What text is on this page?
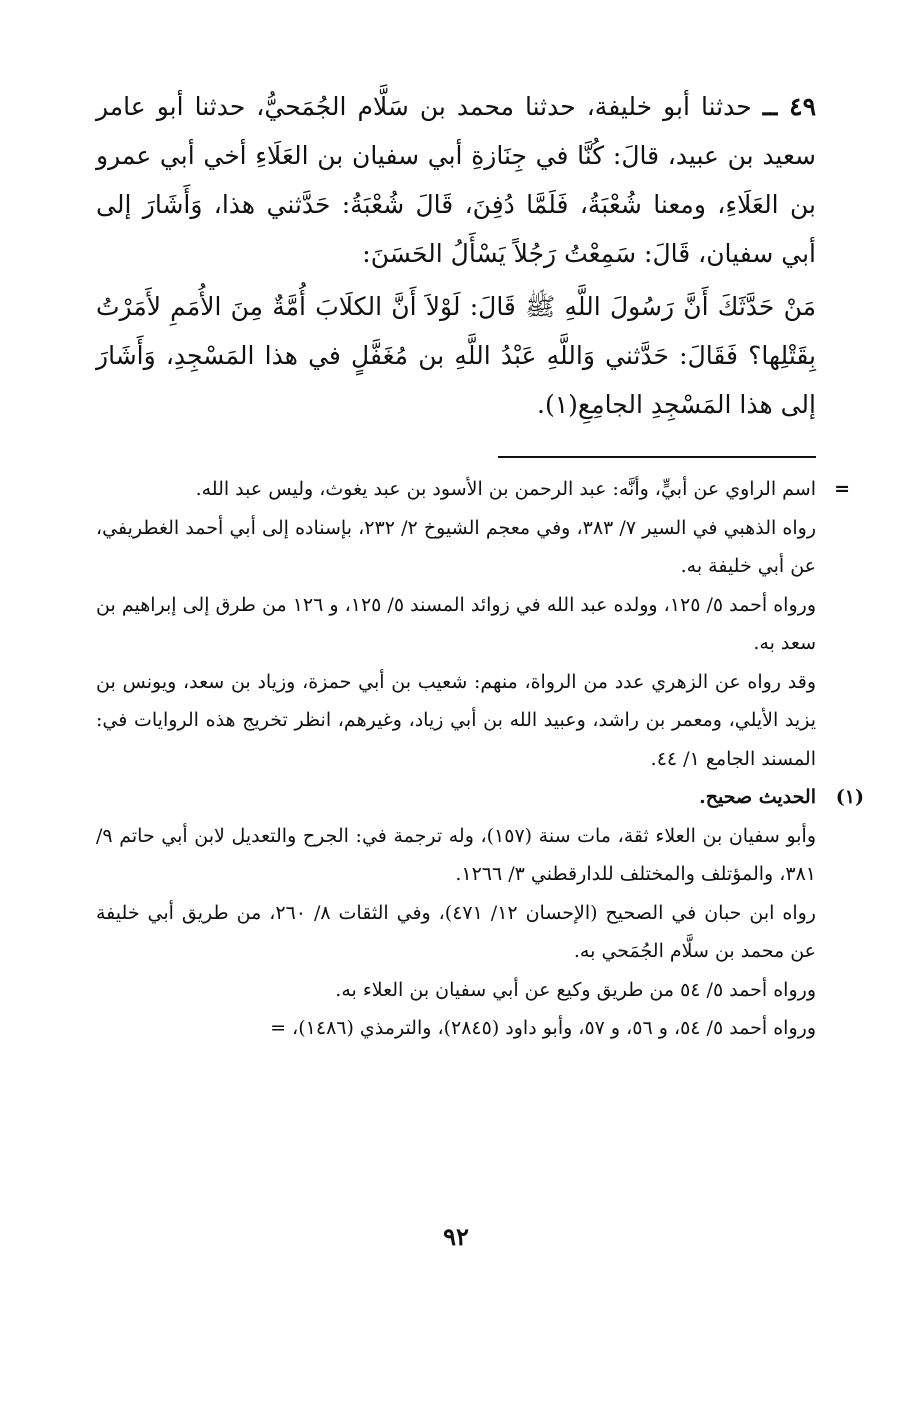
٤٩ ــ حدثنا أبو خليفة، حدثنا محمد بن سَلَّام الجُمَحيُّ، حدثنا أبو عامر سعيد بن عبيد، قالَ: كُنَّا في جِنَازةِ أبي سفيان بن العَلَاءِ أخي أبي عمرو بن العَلَاءِ، ومعنا شُعْبَةُ، فَلَمَّا دُفِنَ، قَالَ شُعْبَةُ: حَدَّثني هذا، وَأَشَارَ إلى أبي سفيان، قَالَ: سَمِعْتُ رَجُلاً يَسْأَلُ الحَسَنَ:

مَنْ حَدَّثَكَ أَنَّ رَسُولَ اللَّهِ ﷺ قَالَ: لَوْلاَ أَنَّ الكلَابَ أُمَّةٌ مِنَ الأُمَمِ لأَمَرْتُ بِقَتْلِها؟ فَقَالَ: حَدَّثني وَاللَّهِ عَبْدُ اللَّهِ بن مُغَفَّلٍ في هذا المَسْجِدِ، وَأَشَارَ إلى هذا المَسْجِدِ الجامِعِ(١).

=
اسم الراوي عن أبيٍّ، وأنَّه: عبد الرحمن بن الأسود بن عبد يغوث، وليس عبد الله.

رواه الذهبي في السير ٧/ ٣٨٣، وفي معجم الشيوخ ٢/ ٢٣٢، بإسناده إلى أبي أحمد الغطريفي، عن أبي خليفة به.

ورواه أحمد ٥/ ١٢٥، وولده عبد الله في زوائد المسند ٥/ ١٢٥، و ١٢٦ من طرق إلى إبراهيم بن سعد به.

وقد رواه عن الزهري عدد من الرواة، منهم: شعيب بن أبي حمزة، وزياد بن سعد، ويونس بن يزيد الأيلي، ومعمر بن راشد، وعبيد الله بن أبي زياد، وغيرهم، انظر تخريج هذه الروايات في: المسند الجامع ١/ ٤٤.

(١)
الحديث صحيح.

وأبو سفيان بن العلاء ثقة، مات سنة (١٥٧)، وله ترجمة في: الجرح والتعديل لابن أبي حاتم ٩/ ٣٨١، والمؤتلف والمختلف للدارقطني ٣/ ١٢٦٦.

رواه ابن حبان في الصحيح (الإحسان ١٢/ ٤٧١)، وفي الثقات ٨/ ٢٦٠، من طريق أبي خليفة عن محمد بن سلَّام الجُمَحي به.

ورواه أحمد ٥/ ٥٤ من طريق وكيع عن أبي سفيان بن العلاء به.

ورواه أحمد ٥/ ٥٤، و ٥٦، و ٥٧، وأبو داود (٢٨٤٥)، والترمذي (١٤٨٦)، =

٩٢
